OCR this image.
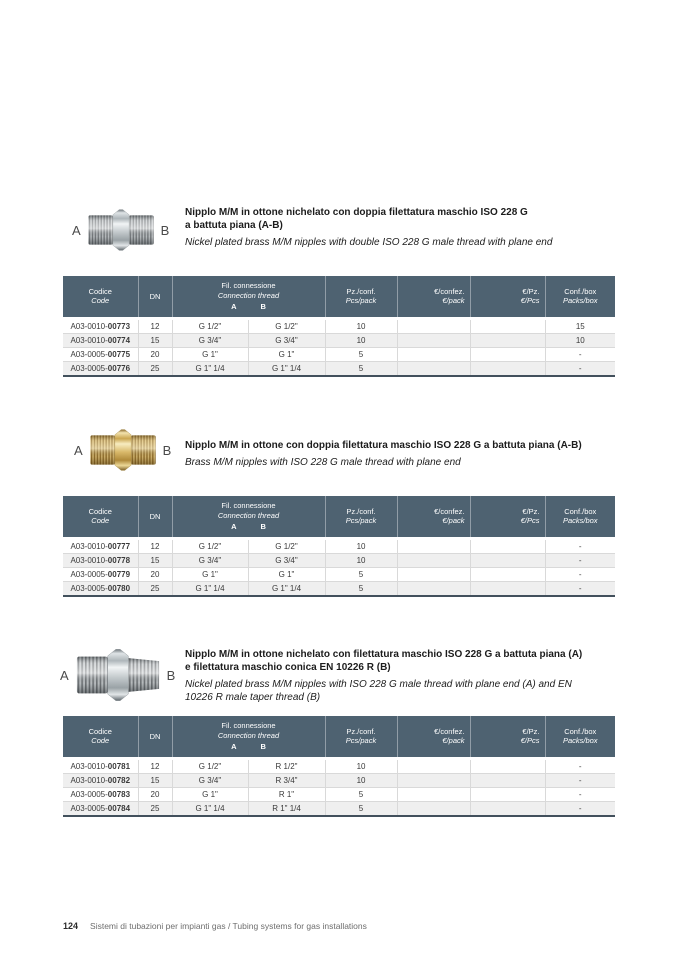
A	B
Nipplo M/M in ottone nichelato con doppia filettatura maschio ISO 228 G
a battuta piana (A-B)
Nickel plated brass M/M nipples with double ISO 228 G male thread with plane end
Codice
Code

DN

Fil. connessione
Connection thread
A	B

Pz./conf.
Pcs/pack

€/confez.
€/pack

€/Pz.
€/Pcs

Conf./box
Packs/box

A03-0010-00773	12	G 1/2"	G 1/2"	10			15
A03-0010-00774	15	G 3/4"	G 3/4"	10			10
A03-0005-00775	20	G 1"	G 1"	5			-
A03-0005-00776	25	G 1" 1/4	G 1" 1/4	5			-
A	B Nipplo M/M in ottone con doppia filettatura maschio ISO 228 G a battuta piana (A-B)
Brass M/M nipples with ISO 228 G male thread with plane end
Codice
Code

DN

Fil. connessione
Connection thread
A	B

Pz./conf.
Pcs/pack

€/confez.
€/pack

€/Pz.
€/Pcs

Conf./box
Packs/box

A03-0010-00777	12	G 1/2"	G 1/2"	10			-
A03-0010-00778	15	G 3/4"	G 3/4"	10			-
A03-0005-00779	20	G 1"	G 1"	5			-
A03-0005-00780	25	G 1" 1/4	G 1" 1/4	5			-
A	B
Nipplo M/M in ottone nichelato con filettatura maschio ISO 228 G a battuta piana (A)
e filettatura maschio conica EN 10226 R (B)
Nickel plated brass M/M nipples with ISO 228 G male thread with plane end (A) and EN
10226 R male taper thread (B)
Codice
Code

DN

Fil. connessione
Connection thread
A	B

Pz./conf.
Pcs/pack

€/confez.
€/pack

€/Pz.
€/Pcs

Conf./box
Packs/box

A03-0010-00781	12	G 1/2"	R 1/2"	10			-
A03-0010-00782	15	G 3/4"	R 3/4"	10			-
A03-0005-00783	20	G 1"	R 1"	5			-
A03-0005-00784	25	G 1" 1/4	R 1" 1/4	5			-
124 Sistemi di tubazioni per impianti gas / Tubing systems for gas installations
